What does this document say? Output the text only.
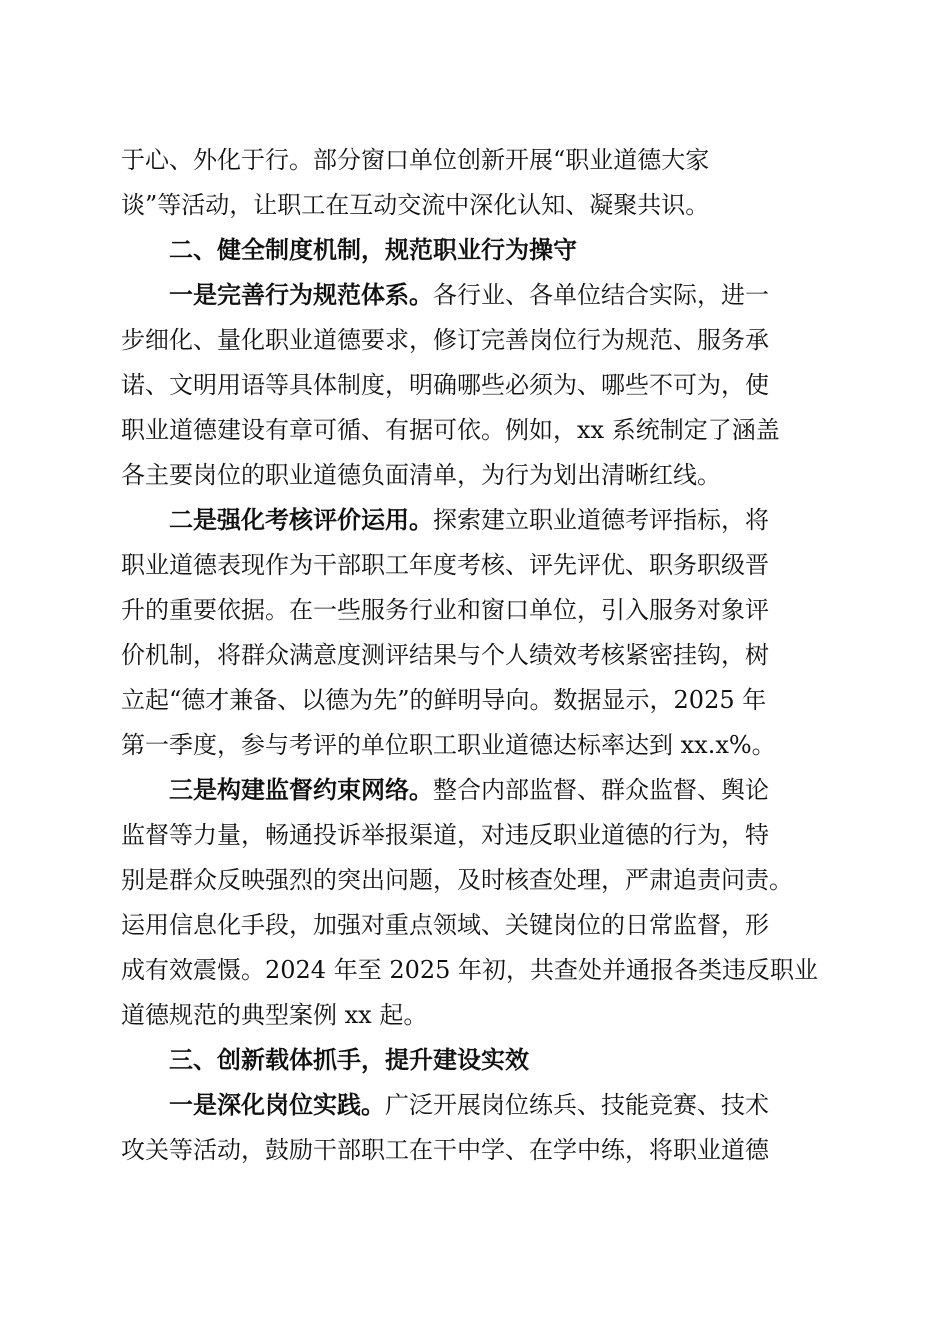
于心、外化于行。部分窗口单位创新开展“职业道德大家
谈”等活动，让职工在互动交流中深化认知、凝聚共识。
二、健全制度机制，规范职业行为操守
一是完善行为规范体系。各行业、各单位结合实际，进一
步细化、量化职业道德要求，修订完善岗位行为规范、服务承
诺、文明用语等具体制度，明确哪些必须为、哪些不可为，使
职业道德建设有章可循、有据可依。例如，xx 系统制定了涵盖
各主要岗位的职业道德负面清单，为行为划出清晰红线。
二是强化考核评价运用。探索建立职业道德考评指标，将
职业道德表现作为干部职工年度考核、评先评优、职务职级晋
升的重要依据。在一些服务行业和窗口单位，引入服务对象评
价机制，将群众满意度测评结果与个人绩效考核紧密挂钩，树
立起“德才兼备、以德为先”的鲜明导向。数据显示，2025 年
第一季度，参与考评的单位职工职业道德达标率达到 xx.x%。
三是构建监督约束网络。整合内部监督、群众监督、舆论
监督等力量，畅通投诉举报渠道，对违反职业道德的行为，特
别是群众反映强烈的突出问题，及时核查处理，严肃追责问责。
运用信息化手段，加强对重点领域、关键岗位的日常监督，形
成有效震慑。2024 年至 2025 年初，共查处并通报各类违反职业
道德规范的典型案例 xx 起。
三、创新载体抓手，提升建设实效
一是深化岗位实践。广泛开展岗位练兵、技能竞赛、技术
攻关等活动，鼓励干部职工在干中学、在学中练，将职业道德
